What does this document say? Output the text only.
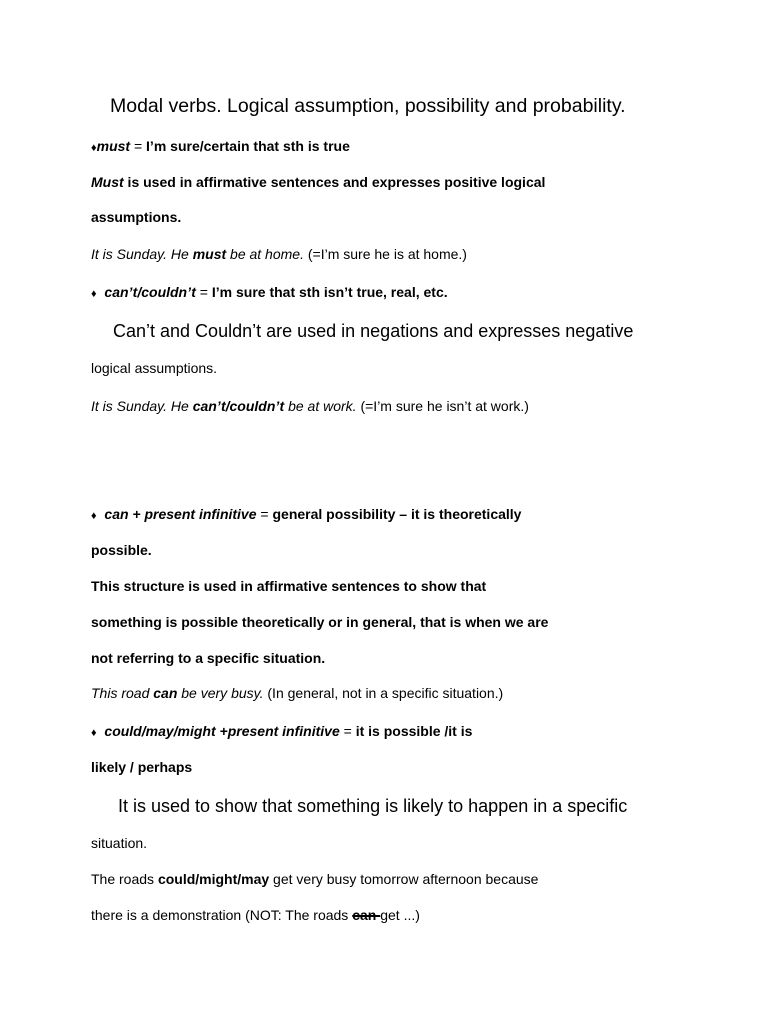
Modal verbs. Logical assumption, possibility and probability.
♦must = I’m sure/certain that sth is true
Must is used in affirmative sentences and expresses positive logical
assumptions.
It is Sunday. He must be at home. (=I’m sure he is at home.)
♦ can’t/couldn’t = I’m sure that sth isn’t true, real, etc.
Can’t and Couldn’t are used in negations and expresses negative
logical assumptions.
It is Sunday. He can’t/couldn’t be at work. (=I’m sure he isn’t at work.)
♦ can + present infinitive = general possibility – it is theoretically
possible.
This structure is used in affirmative sentences to show that
something is possible theoretically or in general, that is when we are
not referring to a specific situation.
This road can be very busy. (In general, not in a specific situation.)
♦ could/may/might +present infinitive = it is possible /it is
likely / perhaps
It is used to show that something is likely to happen in a specific
situation.
The roads could/might/may get very busy tomorrow afternoon because
there is a demonstration (NOT: The roads can get ...)
